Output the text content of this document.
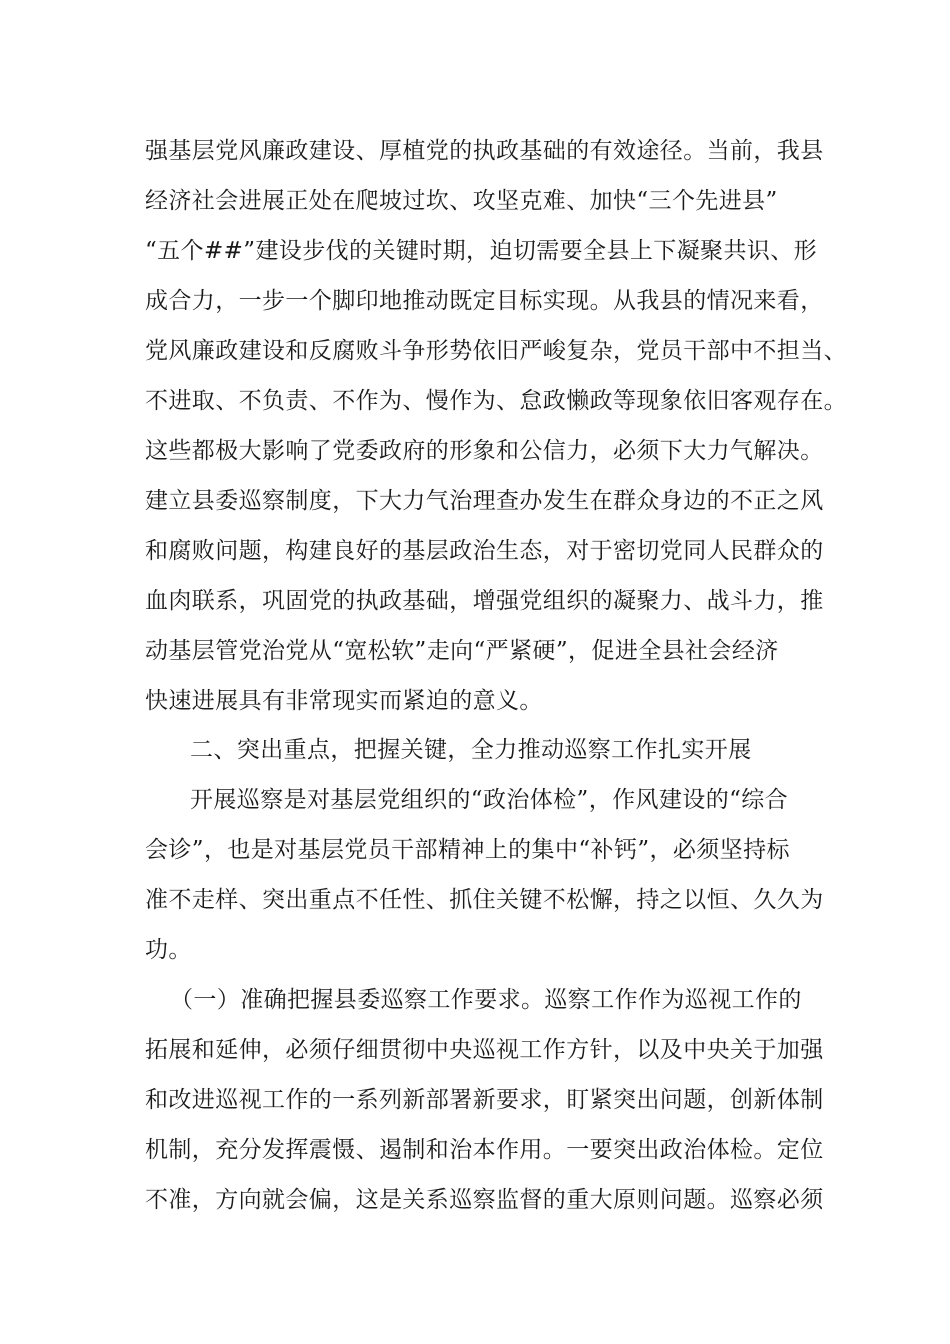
强基层党风廉政建设、厚植党的执政基础的有效途径。当前，我县
经济社会进展正处在爬坡过坎、攻坚克难、加快“三个先进县”
“五个##”建设步伐的关键时期，迫切需要全县上下凝聚共识、形
成合力，一步一个脚印地推动既定目标实现。从我县的情况来看，
党风廉政建设和反腐败斗争形势依旧严峻复杂，党员干部中不担当、
不进取、不负责、不作为、慢作为、怠政懒政等现象依旧客观存在。
这些都极大影响了党委政府的形象和公信力，必须下大力气解决。
建立县委巡察制度，下大力气治理查办发生在群众身边的不正之风
和腐败问题，构建良好的基层政治生态，对于密切党同人民群众的
血肉联系，巩固党的执政基础，增强党组织的凝聚力、战斗力，推
动基层管党治党从“宽松软”走向“严紧硬”，促进全县社会经济
快速进展具有非常现实而紧迫的意义。
二、突出重点，把握关键，全力推动巡察工作扎实开展
开展巡察是对基层党组织的“政治体检”，作风建设的“综合
会诊”，也是对基层党员干部精神上的集中“补钙”，必须坚持标
准不走样、突出重点不任性、抓住关键不松懈，持之以恒、久久为
功。
（一）准确把握县委巡察工作要求。巡察工作作为巡视工作的
拓展和延伸，必须仔细贯彻中央巡视工作方针，以及中央关于加强
和改进巡视工作的一系列新部署新要求，盯紧突出问题，创新体制
机制，充分发挥震慑、遏制和治本作用。一要突出政治体检。定位
不准，方向就会偏，这是关系巡察监督的重大原则问题。巡察必须
